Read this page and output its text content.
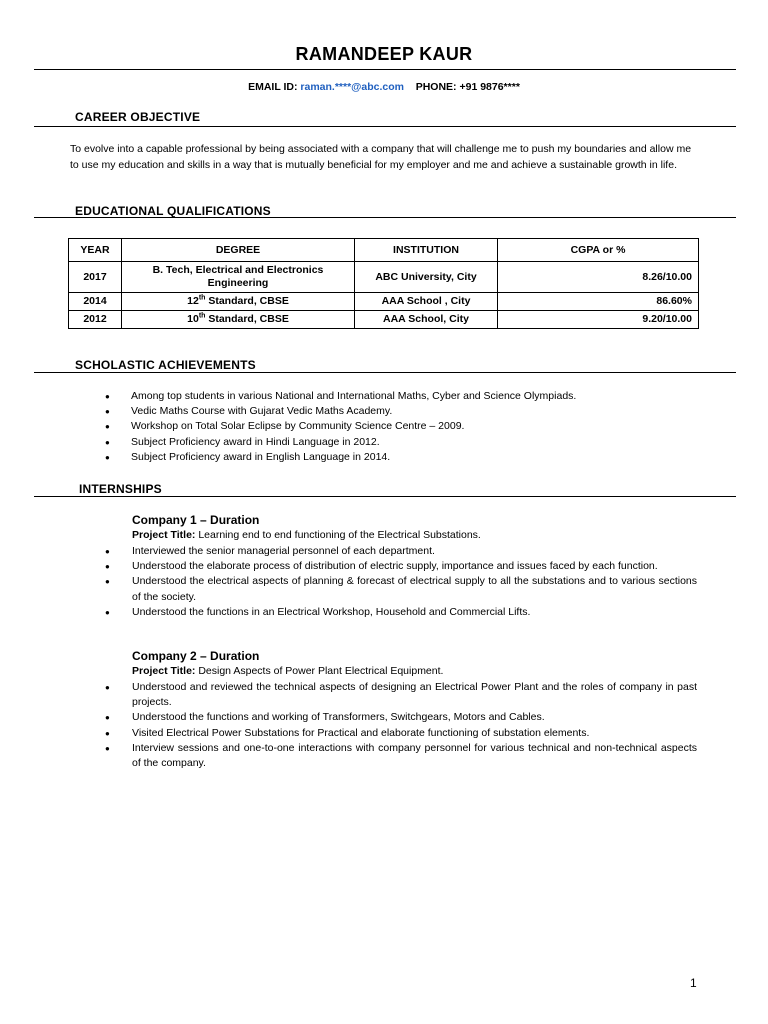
RAMANDEEP KAUR
EMAIL ID: raman.****@abc.com PHONE: +91 9876****
CAREER OBJECTIVE
To evolve into a capable professional by being associated with a company that will challenge me to push my boundaries and allow me to use my education and skills in a way that is mutually beneficial for my employer and me and achieve a sustainable growth in life.
EDUCATIONAL QUALIFICATIONS
YEAR	DEGREE	INSTITUTION	CGPA or %
2017	B. Tech, Electrical and Electronics Engineering	ABC University, City	8.26/10.00
2014	12th Standard, CBSE	AAA School , City	86.60%
2012	10th Standard, CBSE	AAA School, City	9.20/10.00
SCHOLASTIC ACHIEVEMENTS
● Among top students in various National and International Maths, Cyber and Science Olympiads.
● Vedic Maths Course with Gujarat Vedic Maths Academy.
● Workshop on Total Solar Eclipse by Community Science Centre – 2009.
● Subject Proficiency award in Hindi Language in 2012.
● Subject Proficiency award in English Language in 2014.
INTERNSHIPS
Company 1 – Duration
Project Title: Learning end to end functioning of the Electrical Substations.
● Interviewed the senior managerial personnel of each department.
● Understood the elaborate process of distribution of electric supply, importance and issues faced by each function.
● Understood the electrical aspects of planning & forecast of electrical supply to all the substations and to various sections of the society.
● Understood the functions in an Electrical Workshop, Household and Commercial Lifts.
Company 2 – Duration
Project Title: Design Aspects of Power Plant Electrical Equipment.
● Understood and reviewed the technical aspects of designing an Electrical Power Plant and the roles of company in past projects.
● Understood the functions and working of Transformers, Switchgears, Motors and Cables.
● Visited Electrical Power Substations for Practical and elaborate functioning of substation elements.
● Interview sessions and one-to-one interactions with company personnel for various technical and non-technical aspects of the company.
1
